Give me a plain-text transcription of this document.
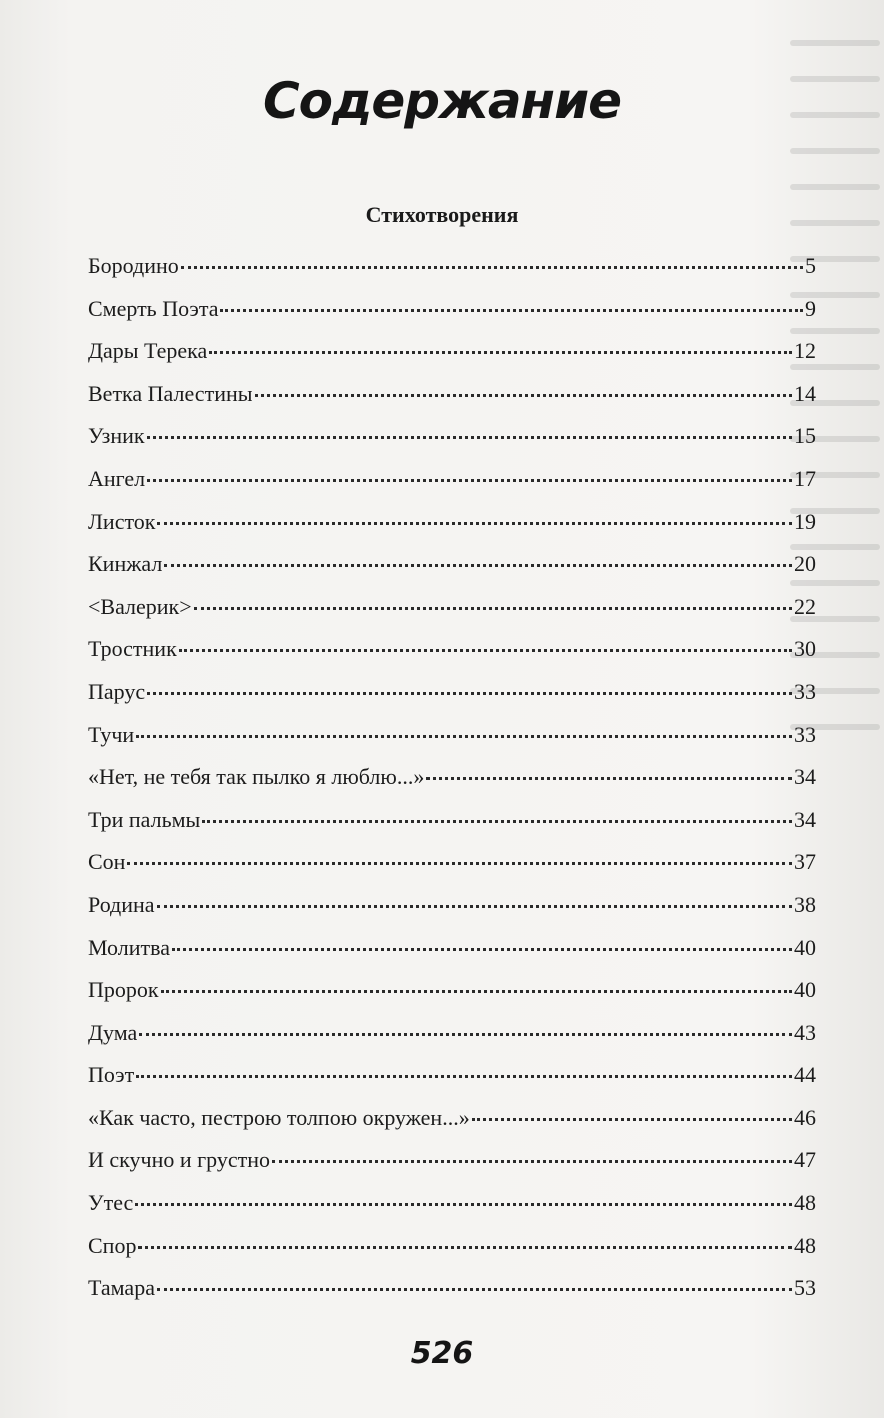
Содержание
Стихотворения
Бородино	5
Смерть Поэта	9
Дары Терека	12
Ветка Палестины	14
Узник	15
Ангел	17
Листок	19
Кинжал	20
<Валерик>	22
Тростник	30
Парус	33
Тучи	33
«Нет, не тебя так пылко я люблю...»	34
Три пальмы	34
Сон	37
Родина	38
Молитва	40
Пророк	40
Дума	43
Поэт	44
«Как часто, пестрою толпою окружен...»	46
И скучно и грустно	47
Утес	48
Спор	48
Тамара	53
526
